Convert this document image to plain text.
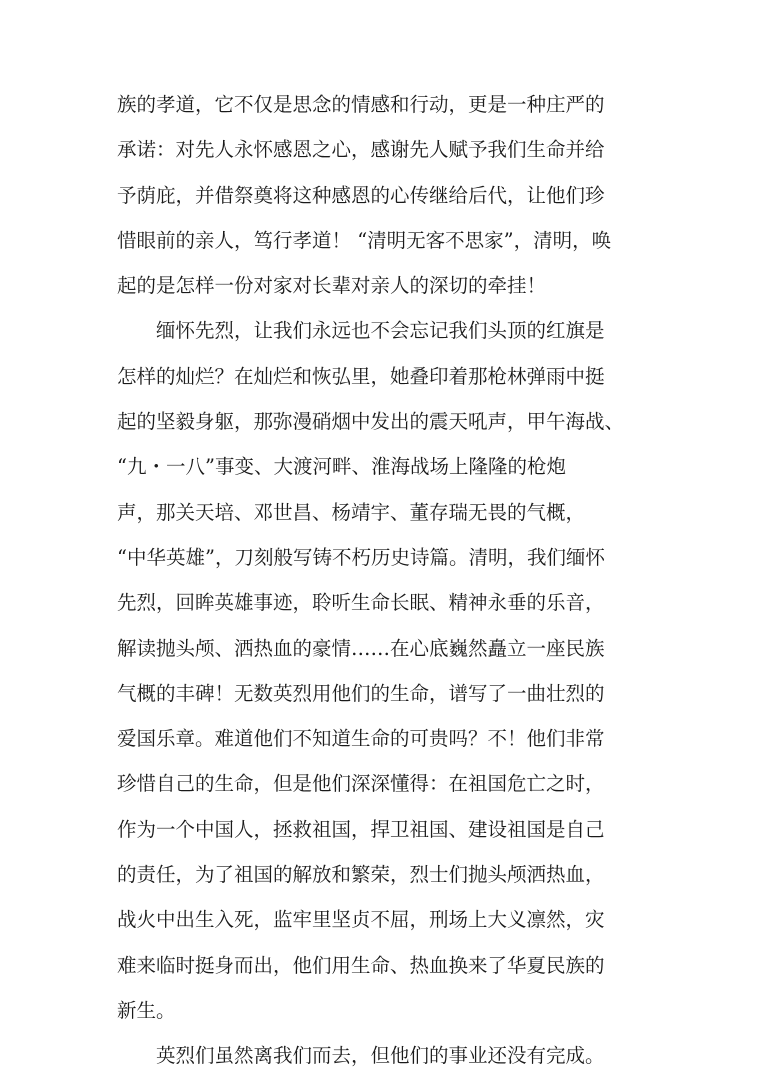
族的孝道，它不仅是思念的情感和行动，更是一种庄严的
承诺：对先人永怀感恩之心，感谢先人赋予我们生命并给
予荫庇，并借祭奠将这种感恩的心传继给后代，让他们珍
惜眼前的亲人，笃行孝道！ “清明无客不思家”，清明，唤
起的是怎样一份对家对长辈对亲人的深切的牵挂！
　　缅怀先烈，让我们永远也不会忘记我们头顶的红旗是
怎样的灿烂？在灿烂和恢弘里，她叠印着那枪林弹雨中挺
起的坚毅身躯，那弥漫硝烟中发出的震天吼声，甲午海战、
“九・一八”事变、大渡河畔、淮海战场上隆隆的枪炮
声，那关天培、邓世昌、杨靖宇、董存瑞无畏的气概，
“中华英雄”，刀刻般写铸不朽历史诗篇。清明，我们缅怀
先烈，回眸英雄事迹，聆听生命长眠、精神永垂的乐音，
解读抛头颅、洒热血的豪情……在心底巍然矗立一座民族
气概的丰碑！无数英烈用他们的生命，谱写了一曲壮烈的
爱国乐章。难道他们不知道生命的可贵吗？不！他们非常
珍惜自己的生命，但是他们深深懂得：在祖国危亡之时，
作为一个中国人，拯救祖国，捍卫祖国、建设祖国是自己
的责任，为了祖国的解放和繁荣，烈士们抛头颅洒热血，
战火中出生入死，监牢里坚贞不屈，刑场上大义凛然，灾
难来临时挺身而出，他们用生命、热血换来了华夏民族的
新生。
　　英烈们虽然离我们而去，但他们的事业还没有完成。
